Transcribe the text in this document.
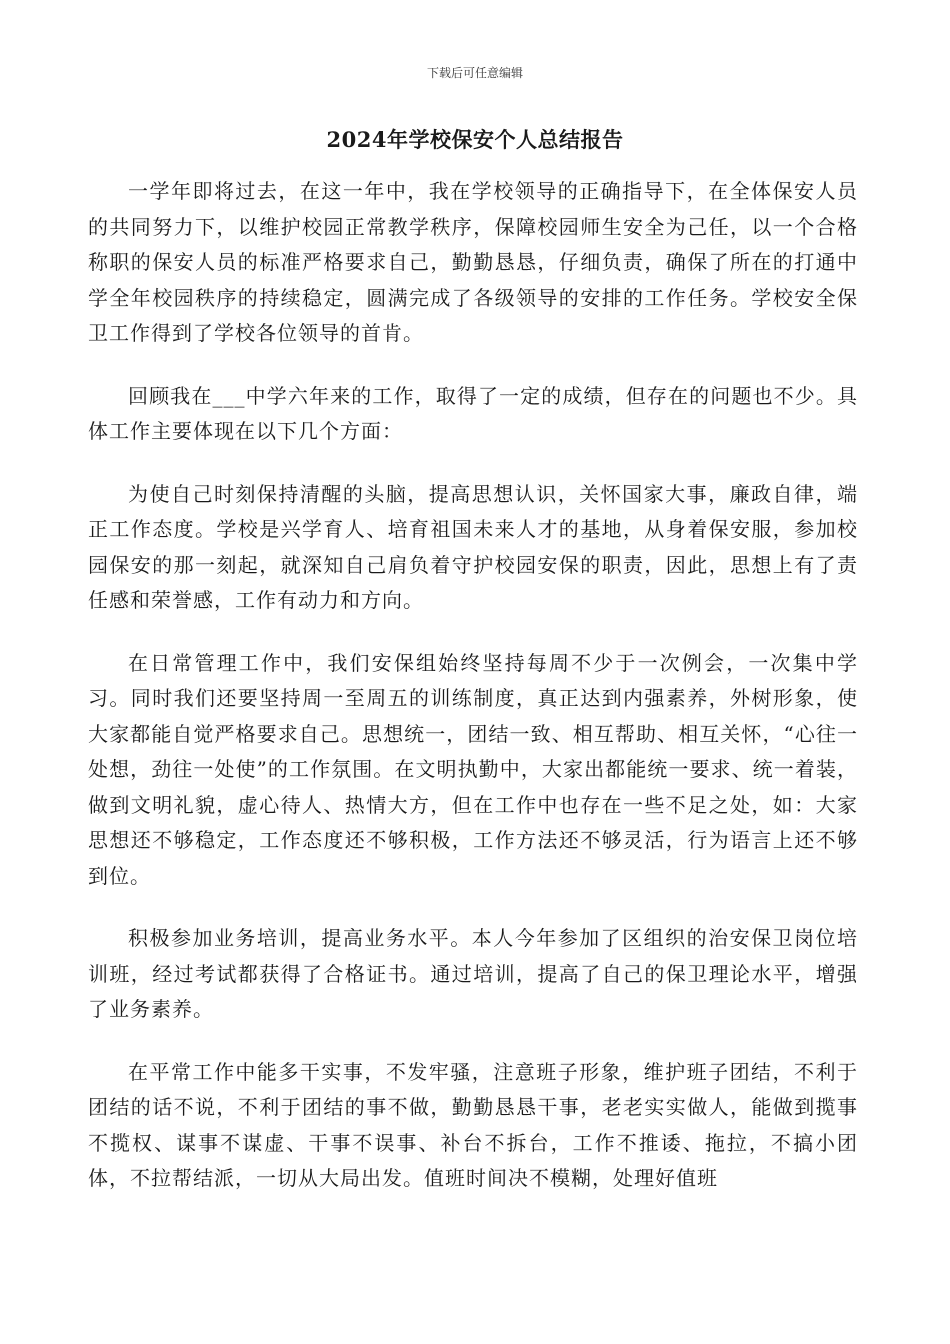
下载后可任意编辑
2024年学校保安个人总结报告

一学年即将过去，在这一年中，我在学校领导的正确指导下，在全体保安人员的共同努力下，以维护校园正常教学秩序，保障校园师生安全为己任，以一个合格称职的保安人员的标准严格要求自己，勤勤恳恳，仔细负责，确保了所在的打通中学全年校园秩序的持续稳定，圆满完成了各级领导的安排的工作任务。学校安全保卫工作得到了学校各位领导的首肯。

回顾我在___中学六年来的工作，取得了一定的成绩，但存在的问题也不少。具体工作主要体现在以下几个方面：

为使自己时刻保持清醒的头脑，提高思想认识，关怀国家大事，廉政自律，端正工作态度。学校是兴学育人、培育祖国未来人才的基地，从身着保安服，参加校园保安的那一刻起，就深知自己肩负着守护校园安保的职责，因此，思想上有了责任感和荣誉感，工作有动力和方向。

在日常管理工作中，我们安保组始终坚持每周不少于一次例会，一次集中学习。同时我们还要坚持周一至周五的训练制度，真正达到内强素养，外树形象，使大家都能自觉严格要求自己。思想统一，团结一致、相互帮助、相互关怀，“心往一处想，劲往一处使”的工作氛围。在文明执勤中，大家出都能统一要求、统一着装，做到文明礼貌，虚心待人、热情大方，但在工作中也存在一些不足之处，如：大家思想还不够稳定，工作态度还不够积极，工作方法还不够灵活，行为语言上还不够到位。

积极参加业务培训，提高业务水平。本人今年参加了区组织的治安保卫岗位培训班，经过考试都获得了合格证书。通过培训，提高了自己的保卫理论水平，增强了业务素养。

在平常工作中能多干实事，不发牢骚，注意班子形象，维护班子团结，不利于团结的话不说，不利于团结的事不做，勤勤恳恳干事，老老实实做人，能做到揽事不揽权、谋事不谋虚、干事不误事、补台不拆台，工作不推诿、拖拉，不搞小团体，不拉帮结派，一切从大局出发。值班时间决不模糊，处理好值班
